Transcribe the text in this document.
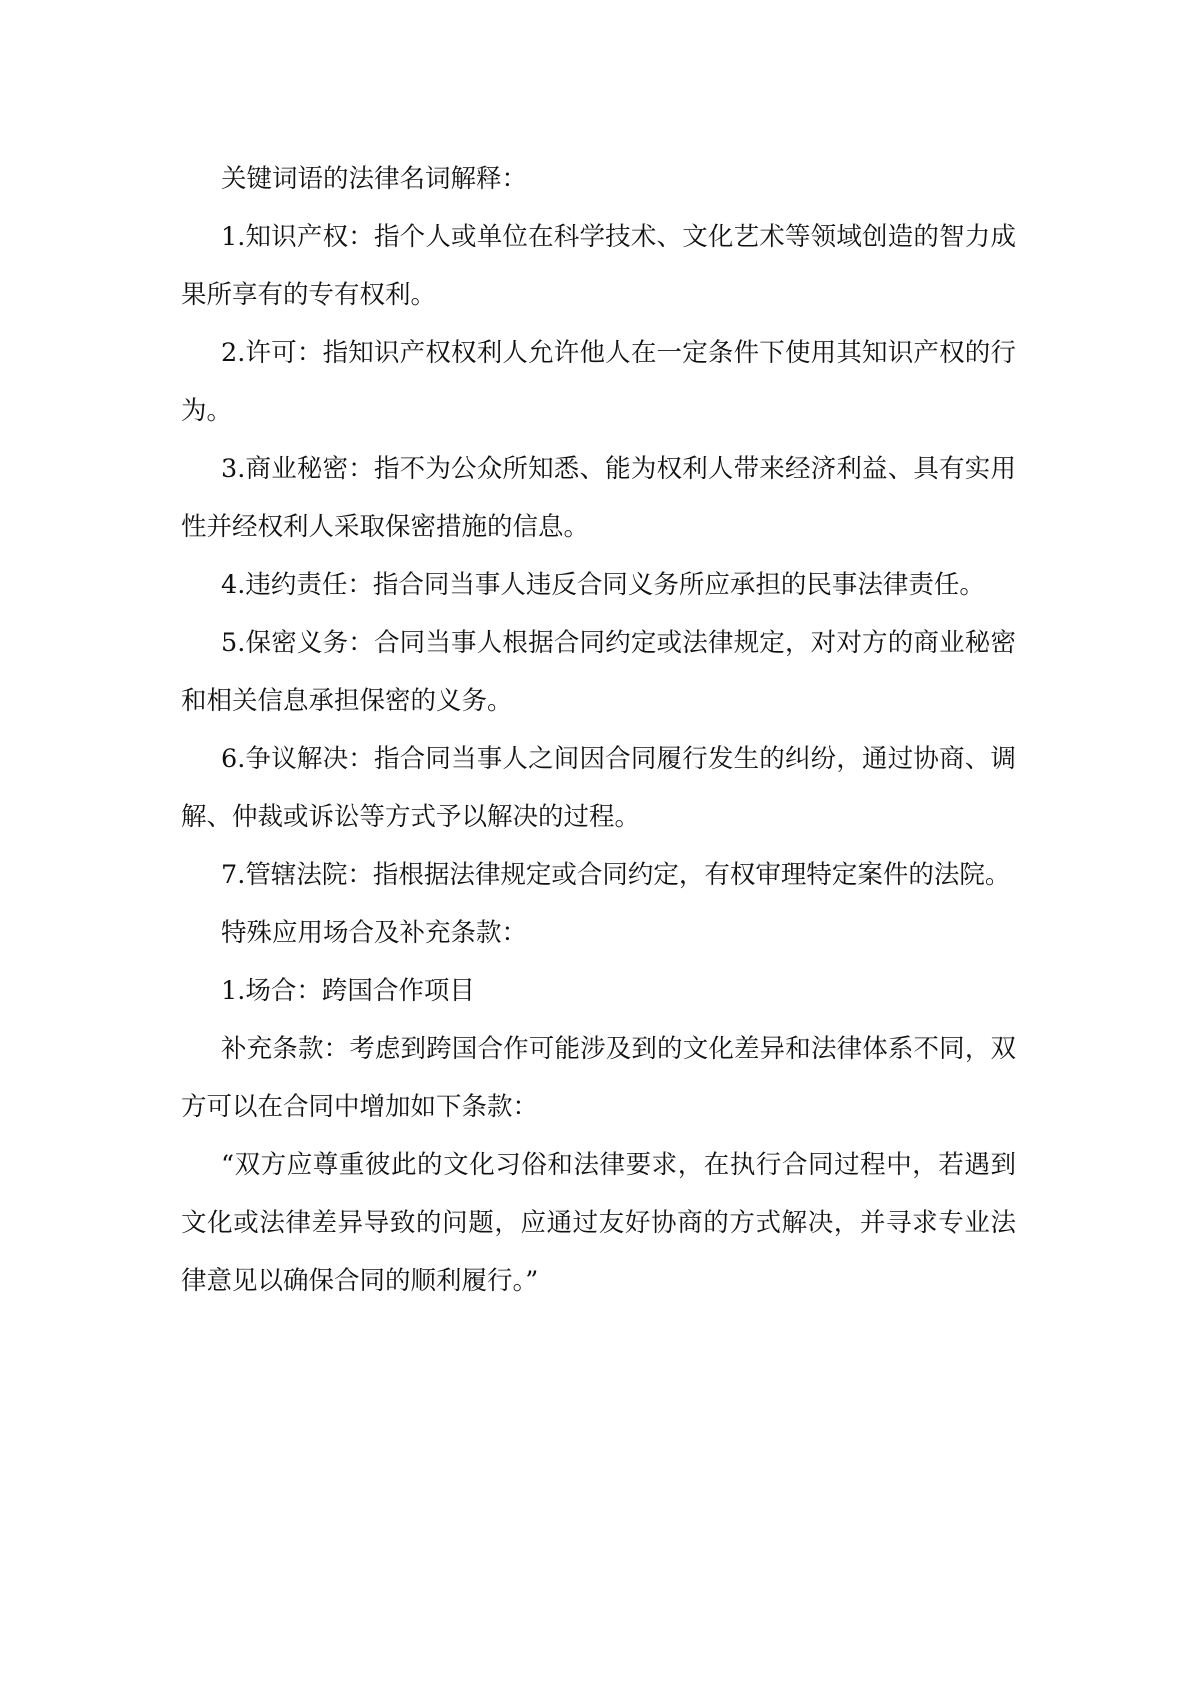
关键词语的法律名词解释：

1.知识产权：指个人或单位在科学技术、文化艺术等领域创造的智力成果所享有的专有权利。

2.许可：指知识产权权利人允许他人在一定条件下使用其知识产权的行为。

3.商业秘密：指不为公众所知悉、能为权利人带来经济利益、具有实用性并经权利人采取保密措施的信息。

4.违约责任：指合同当事人违反合同义务所应承担的民事法律责任。

5.保密义务：合同当事人根据合同约定或法律规定，对对方的商业秘密和相关信息承担保密的义务。

6.争议解决：指合同当事人之间因合同履行发生的纠纷，通过协商、调解、仲裁或诉讼等方式予以解决的过程。

7.管辖法院：指根据法律规定或合同约定，有权审理特定案件的法院。

特殊应用场合及补充条款：

1.场合：跨国合作项目

补充条款：考虑到跨国合作可能涉及到的文化差异和法律体系不同，双方可以在合同中增加如下条款：

“双方应尊重彼此的文化习俗和法律要求，在执行合同过程中，若遇到文化或法律差异导致的问题，应通过友好协商的方式解决，并寻求专业法律意见以确保合同的顺利履行。”
